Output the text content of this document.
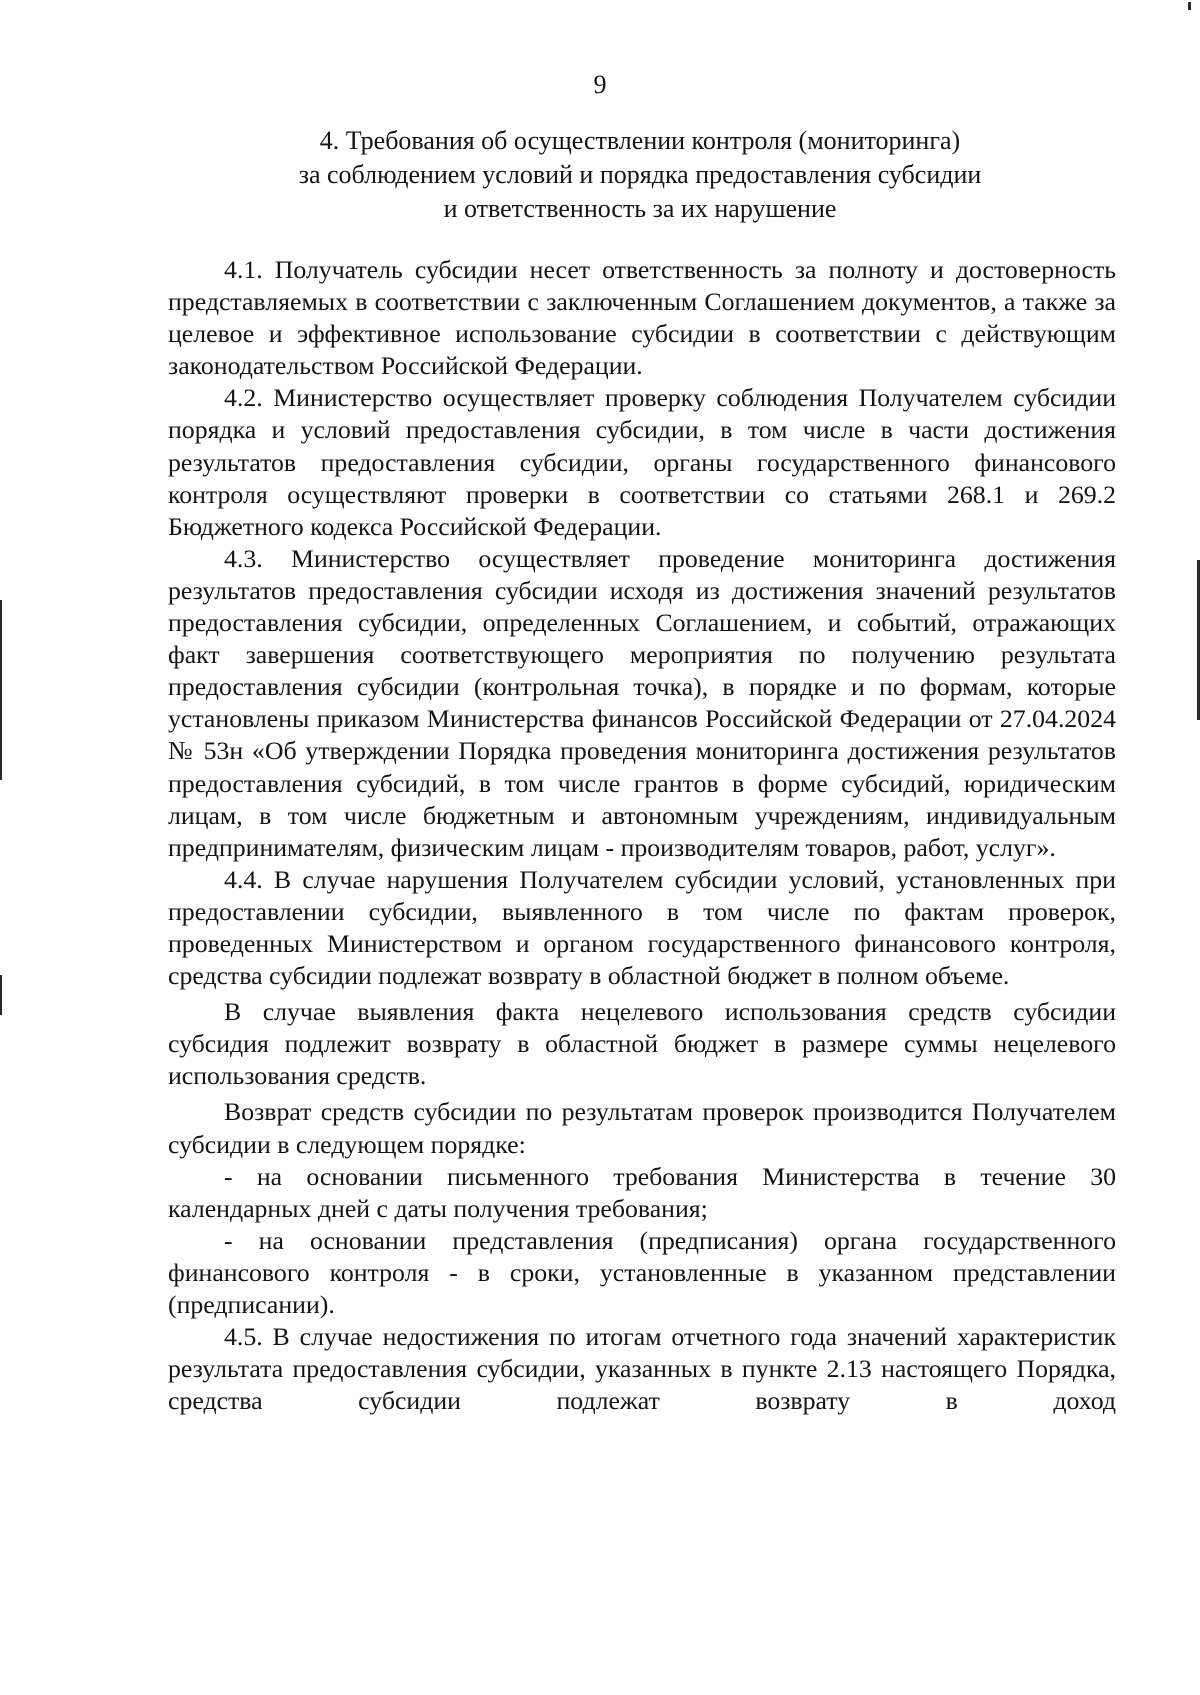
9
4. Требования об осуществлении контроля (мониторинга)
за соблюдением условий и порядка предоставления субсидии
и ответственность за их нарушение

4.1. Получатель субсидии несет ответственность за полноту и достоверность представляемых в соответствии с заключенным Соглашением документов, а также за целевое и эффективное использование субсидии в соответствии с действующим законодательством Российской Федерации.

4.2. Министерство осуществляет проверку соблюдения Получателем субсидии порядка и условий предоставления субсидии, в том числе в части достижения результатов предоставления субсидии, органы государственного финансового контроля осуществляют проверки в соответствии со статьями 268.1 и 269.2 Бюджетного кодекса Российской Федерации.

4.3. Министерство осуществляет проведение мониторинга достижения результатов предоставления субсидии исходя из достижения значений результатов предоставления субсидии, определенных Соглашением, и событий, отражающих факт завершения соответствующего мероприятия по получению результата предоставления субсидии (контрольная точка), в порядке и по формам, которые установлены приказом Министерства финансов Российской Федерации от 27.04.2024 № 53н «Об утверждении Порядка проведения мониторинга достижения результатов предоставления субсидий, в том числе грантов в форме субсидий, юридическим лицам, в том числе бюджетным и автономным учреждениям, индивидуальным предпринимателям, физическим лицам - производителям товаров, работ, услуг».

4.4. В случае нарушения Получателем субсидии условий, установленных при предоставлении субсидии, выявленного в том числе по фактам проверок, проведенных Министерством и органом государственного финансового контроля, средства субсидии подлежат возврату в областной бюджет в полном объеме.

В случае выявления факта нецелевого использования средств субсидии субсидия подлежит возврату в областной бюджет в размере суммы нецелевого использования средств.

Возврат средств субсидии по результатам проверок производится Получателем субсидии в следующем порядке:

- на основании письменного требования Министерства в течение 30 календарных дней с даты получения требования;

- на основании представления (предписания) органа государственного финансового контроля - в сроки, установленные в указанном представлении (предписании).

4.5. В случае недостижения по итогам отчетного года значений характеристик результата предоставления субсидии, указанных в пункте 2.13 настоящего Порядка, средства субсидии подлежат возврату в доход
